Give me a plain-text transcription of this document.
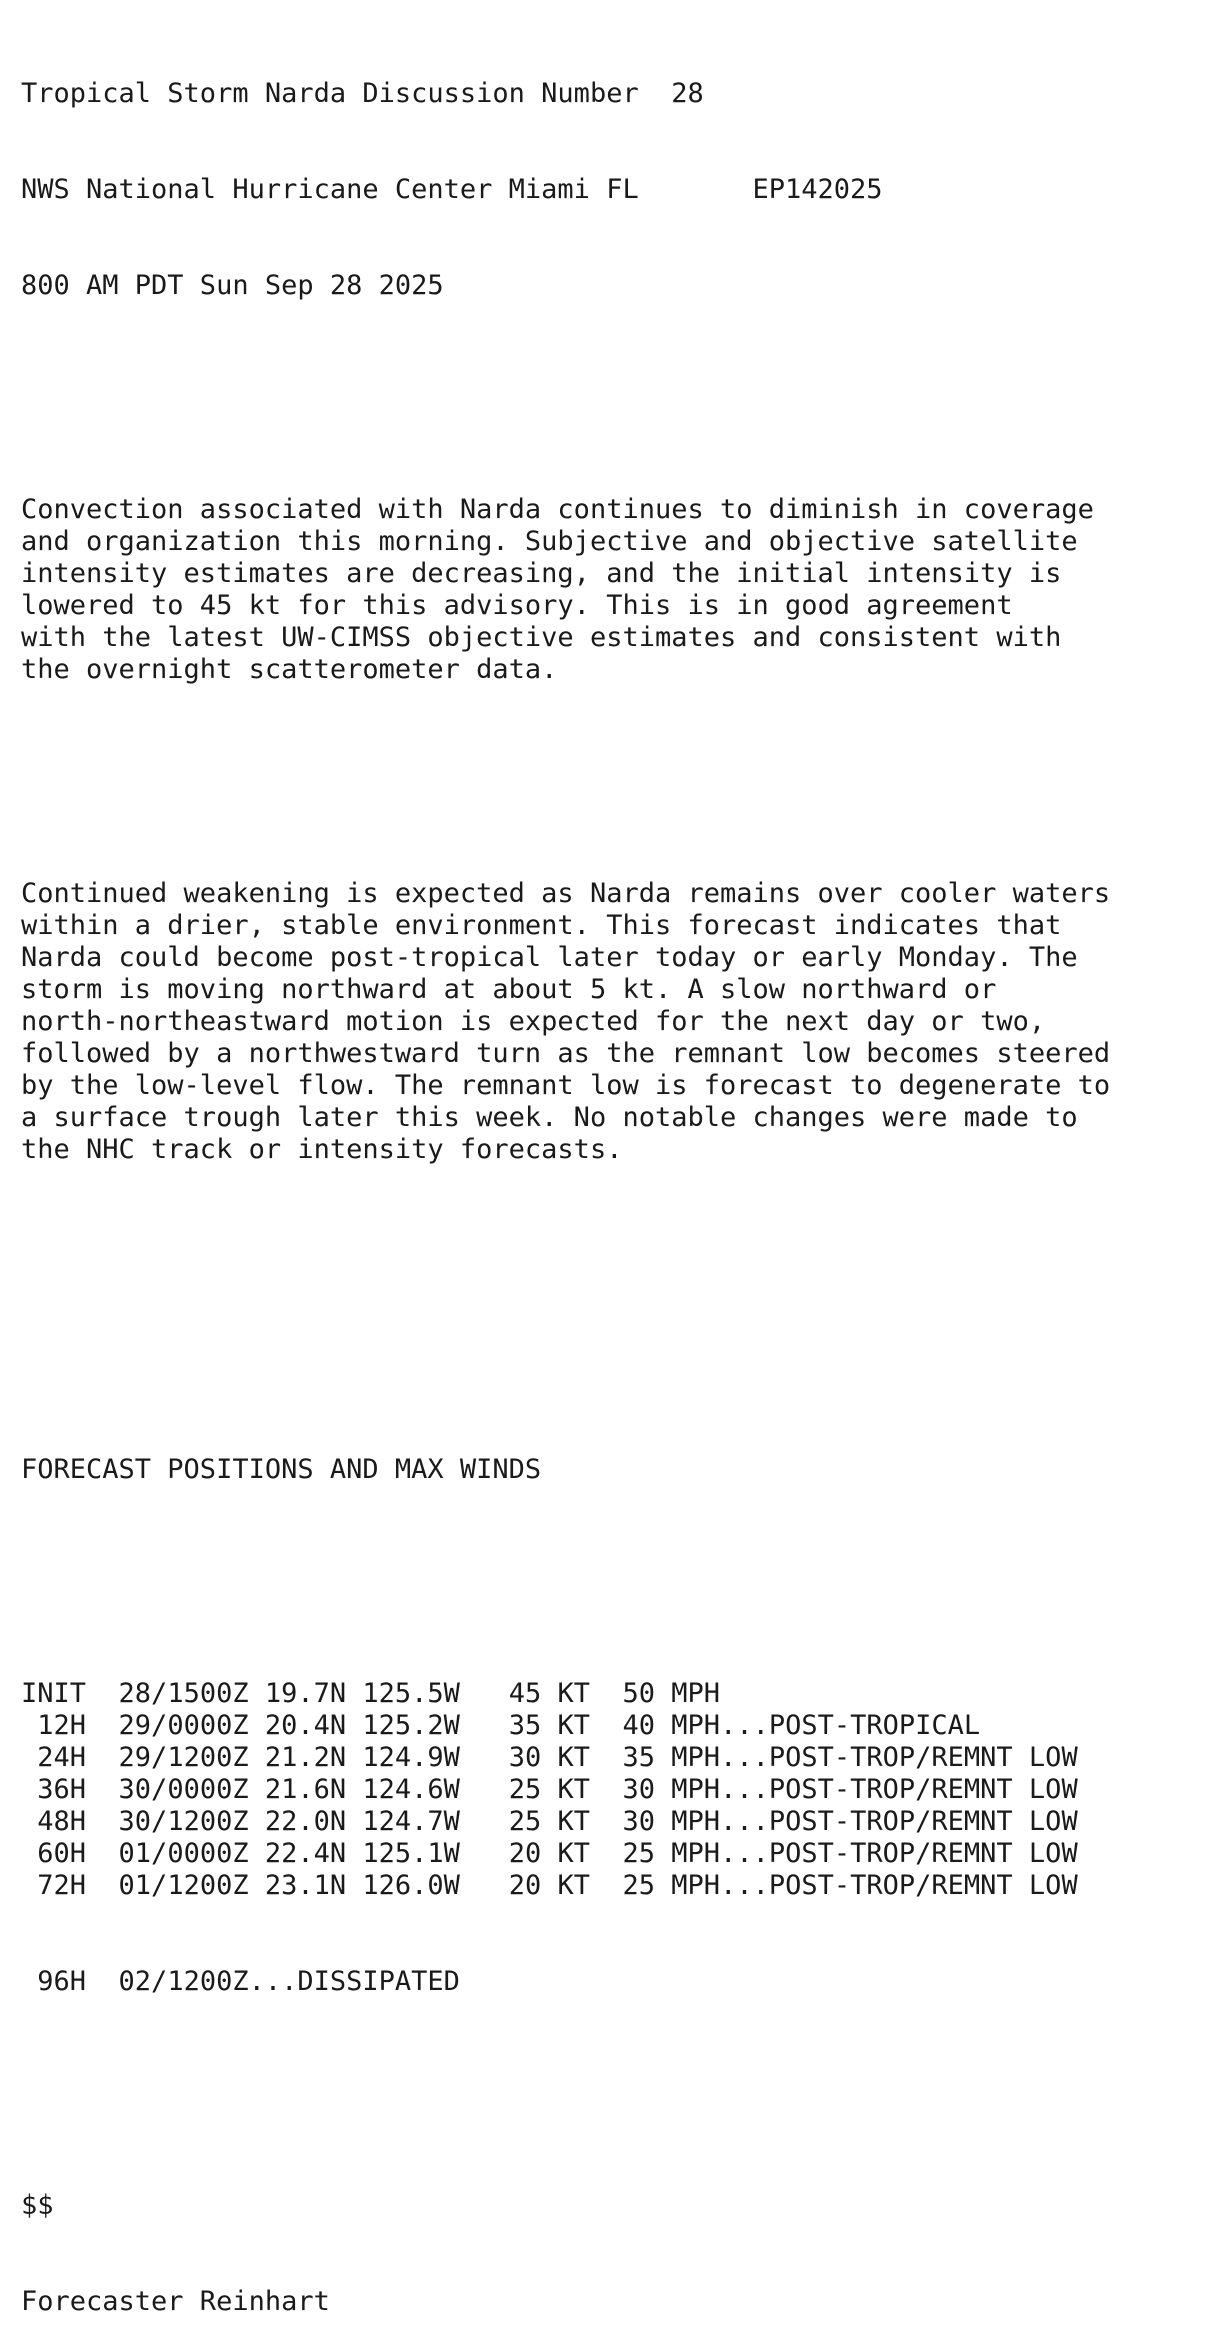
Tropical Storm Narda Discussion Number  28

NWS National Hurricane Center Miami FL	EP142025

800 AM PDT Sun Sep 28 2025

Convection associated with Narda continues to diminish in coverage
and organization this morning. Subjective and objective satellite
intensity estimates are decreasing, and the initial intensity is
lowered to 45 kt for this advisory. This is in good agreement
with the latest UW-CIMSS objective estimates and consistent with
the overnight scatterometer data.

Continued weakening is expected as Narda remains over cooler waters
within a drier, stable environment. This forecast indicates that
Narda could become post-tropical later today or early Monday. The
storm is moving northward at about 5 kt. A slow northward or
north-northeastward motion is expected for the next day or two,
followed by a northwestward turn as the remnant low becomes steered
by the low-level flow. The remnant low is forecast to degenerate to
a surface trough later this week. No notable changes were made to
the NHC track or intensity forecasts.

FORECAST POSITIONS AND MAX WINDS

INIT 28/1500Z 19.7N 125.5W 45 KT 50 MPH
12H 29/0000Z 20.4N 125.2W 35 KT 40 MPH...POST-TROPICAL
24H 29/1200Z 21.2N 124.9W 30 KT 35 MPH...POST-TROP/REMNT LOW
36H 30/0000Z 21.6N 124.6W 25 KT 30 MPH...POST-TROP/REMNT LOW
48H 30/1200Z 22.0N 124.7W 25 KT 30 MPH...POST-TROP/REMNT LOW
60H 01/0000Z 22.4N 125.1W 20 KT 25 MPH...POST-TROP/REMNT LOW
72H 01/1200Z 23.1N 126.0W 20 KT 25 MPH...POST-TROP/REMNT LOW

96H 02/1200Z...DISSIPATED

$$

Forecaster Reinhart
